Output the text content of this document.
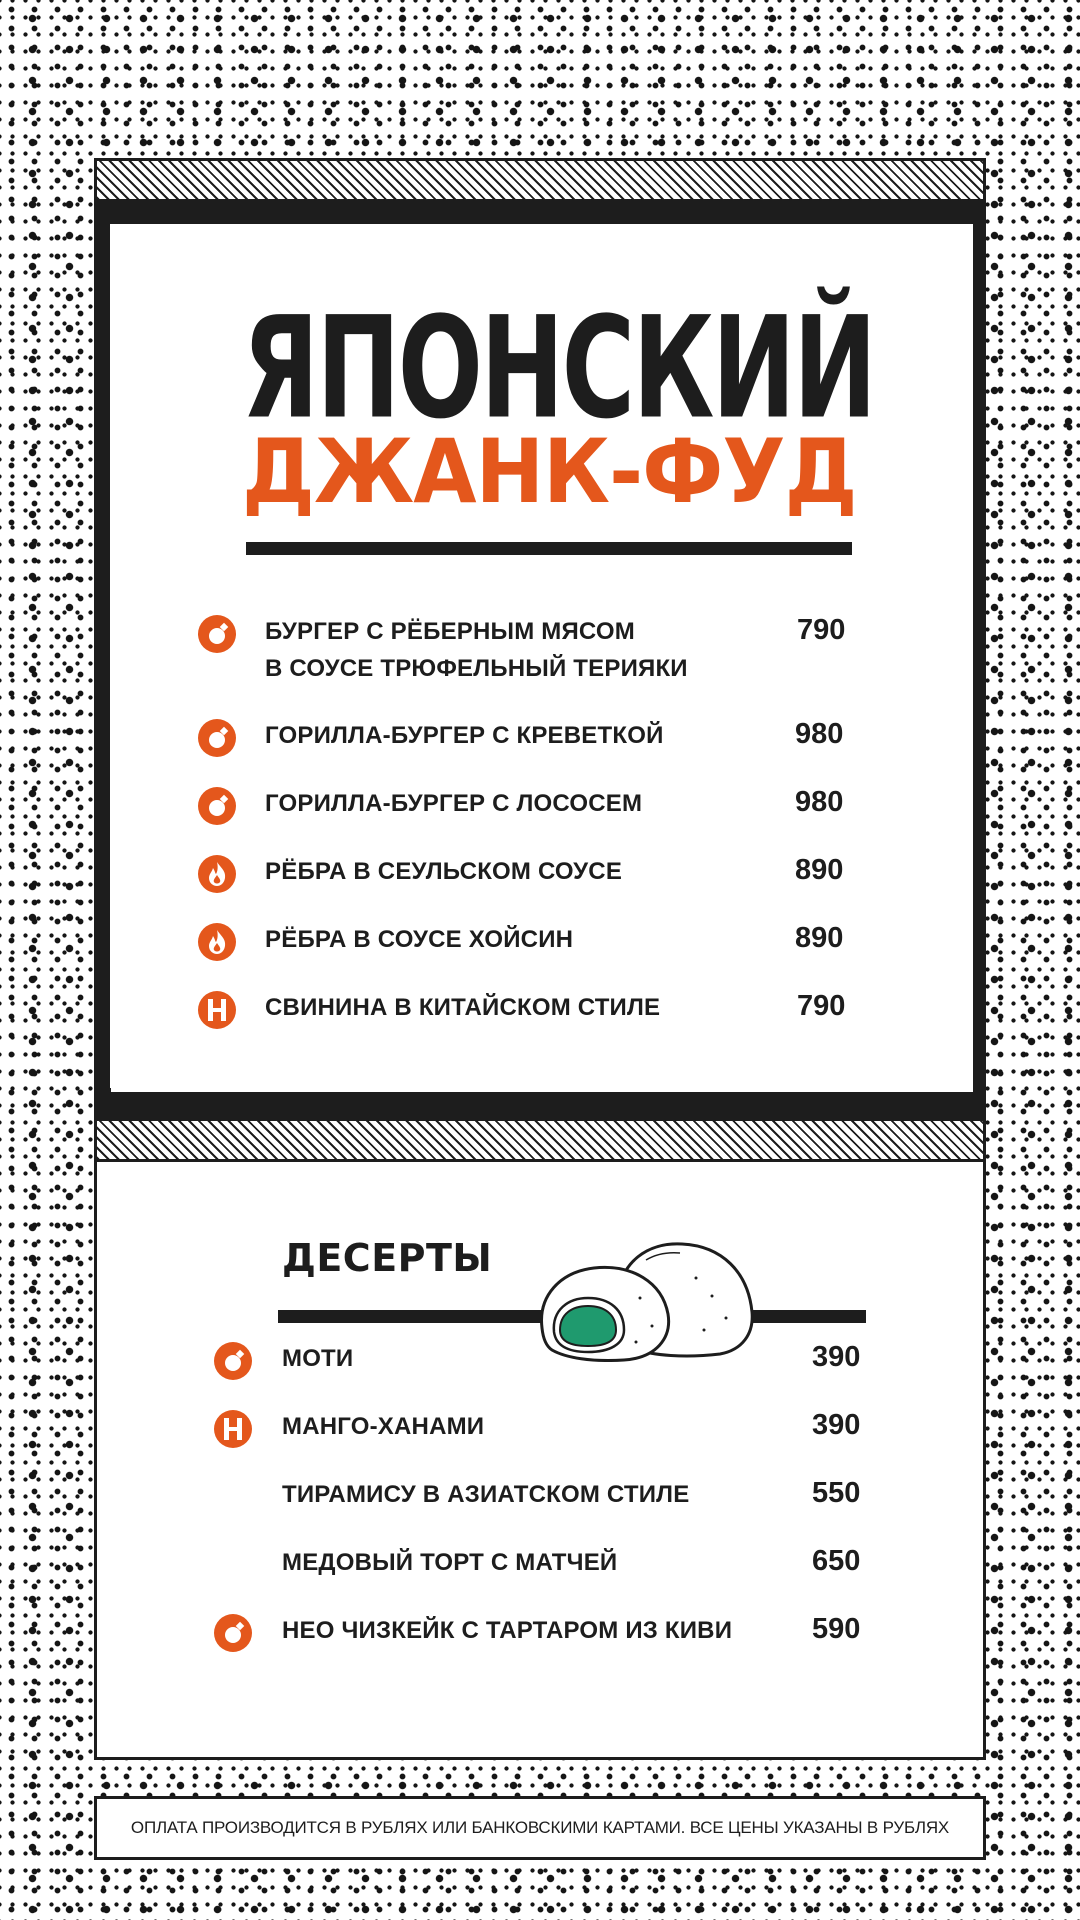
ЯПОНСКИЙ
ДЖАНК-ФУД
БУРГЕР С РЁБЕРНЫМ МЯСОМ
В СОУСЕ ТРЮФЕЛЬНЫЙ ТЕРИЯКИ
790
ГОРИЛЛА-БУРГЕР С КРЕВЕТКОЙ	980
ГОРИЛЛА-БУРГЕР С ЛОСОСЕМ	980
РЁБРА В СЕУЛЬСКОМ СОУСЕ	890
РЁБРА В СОУСЕ ХОЙСИН	890
СВИНИНА В КИТАЙСКОМ СТИЛЕ	790
ДЕСЕРТЫ
МОТИ	390
МАНГО-ХАНАМИ	390
ТИРАМИСУ В АЗИАТСКОМ СТИЛЕ	550
МЕДОВЫЙ ТОРТ С МАТЧЕЙ	650
НЕО ЧИЗКЕЙК С ТАРТАРОМ ИЗ КИВИ	590
ОПЛАТА ПРОИЗВОДИТСЯ В РУБЛЯХ ИЛИ БАНКОВСКИМИ КАРТАМИ. ВСЕ ЦЕНЫ УКАЗАНЫ В РУБЛЯХ
